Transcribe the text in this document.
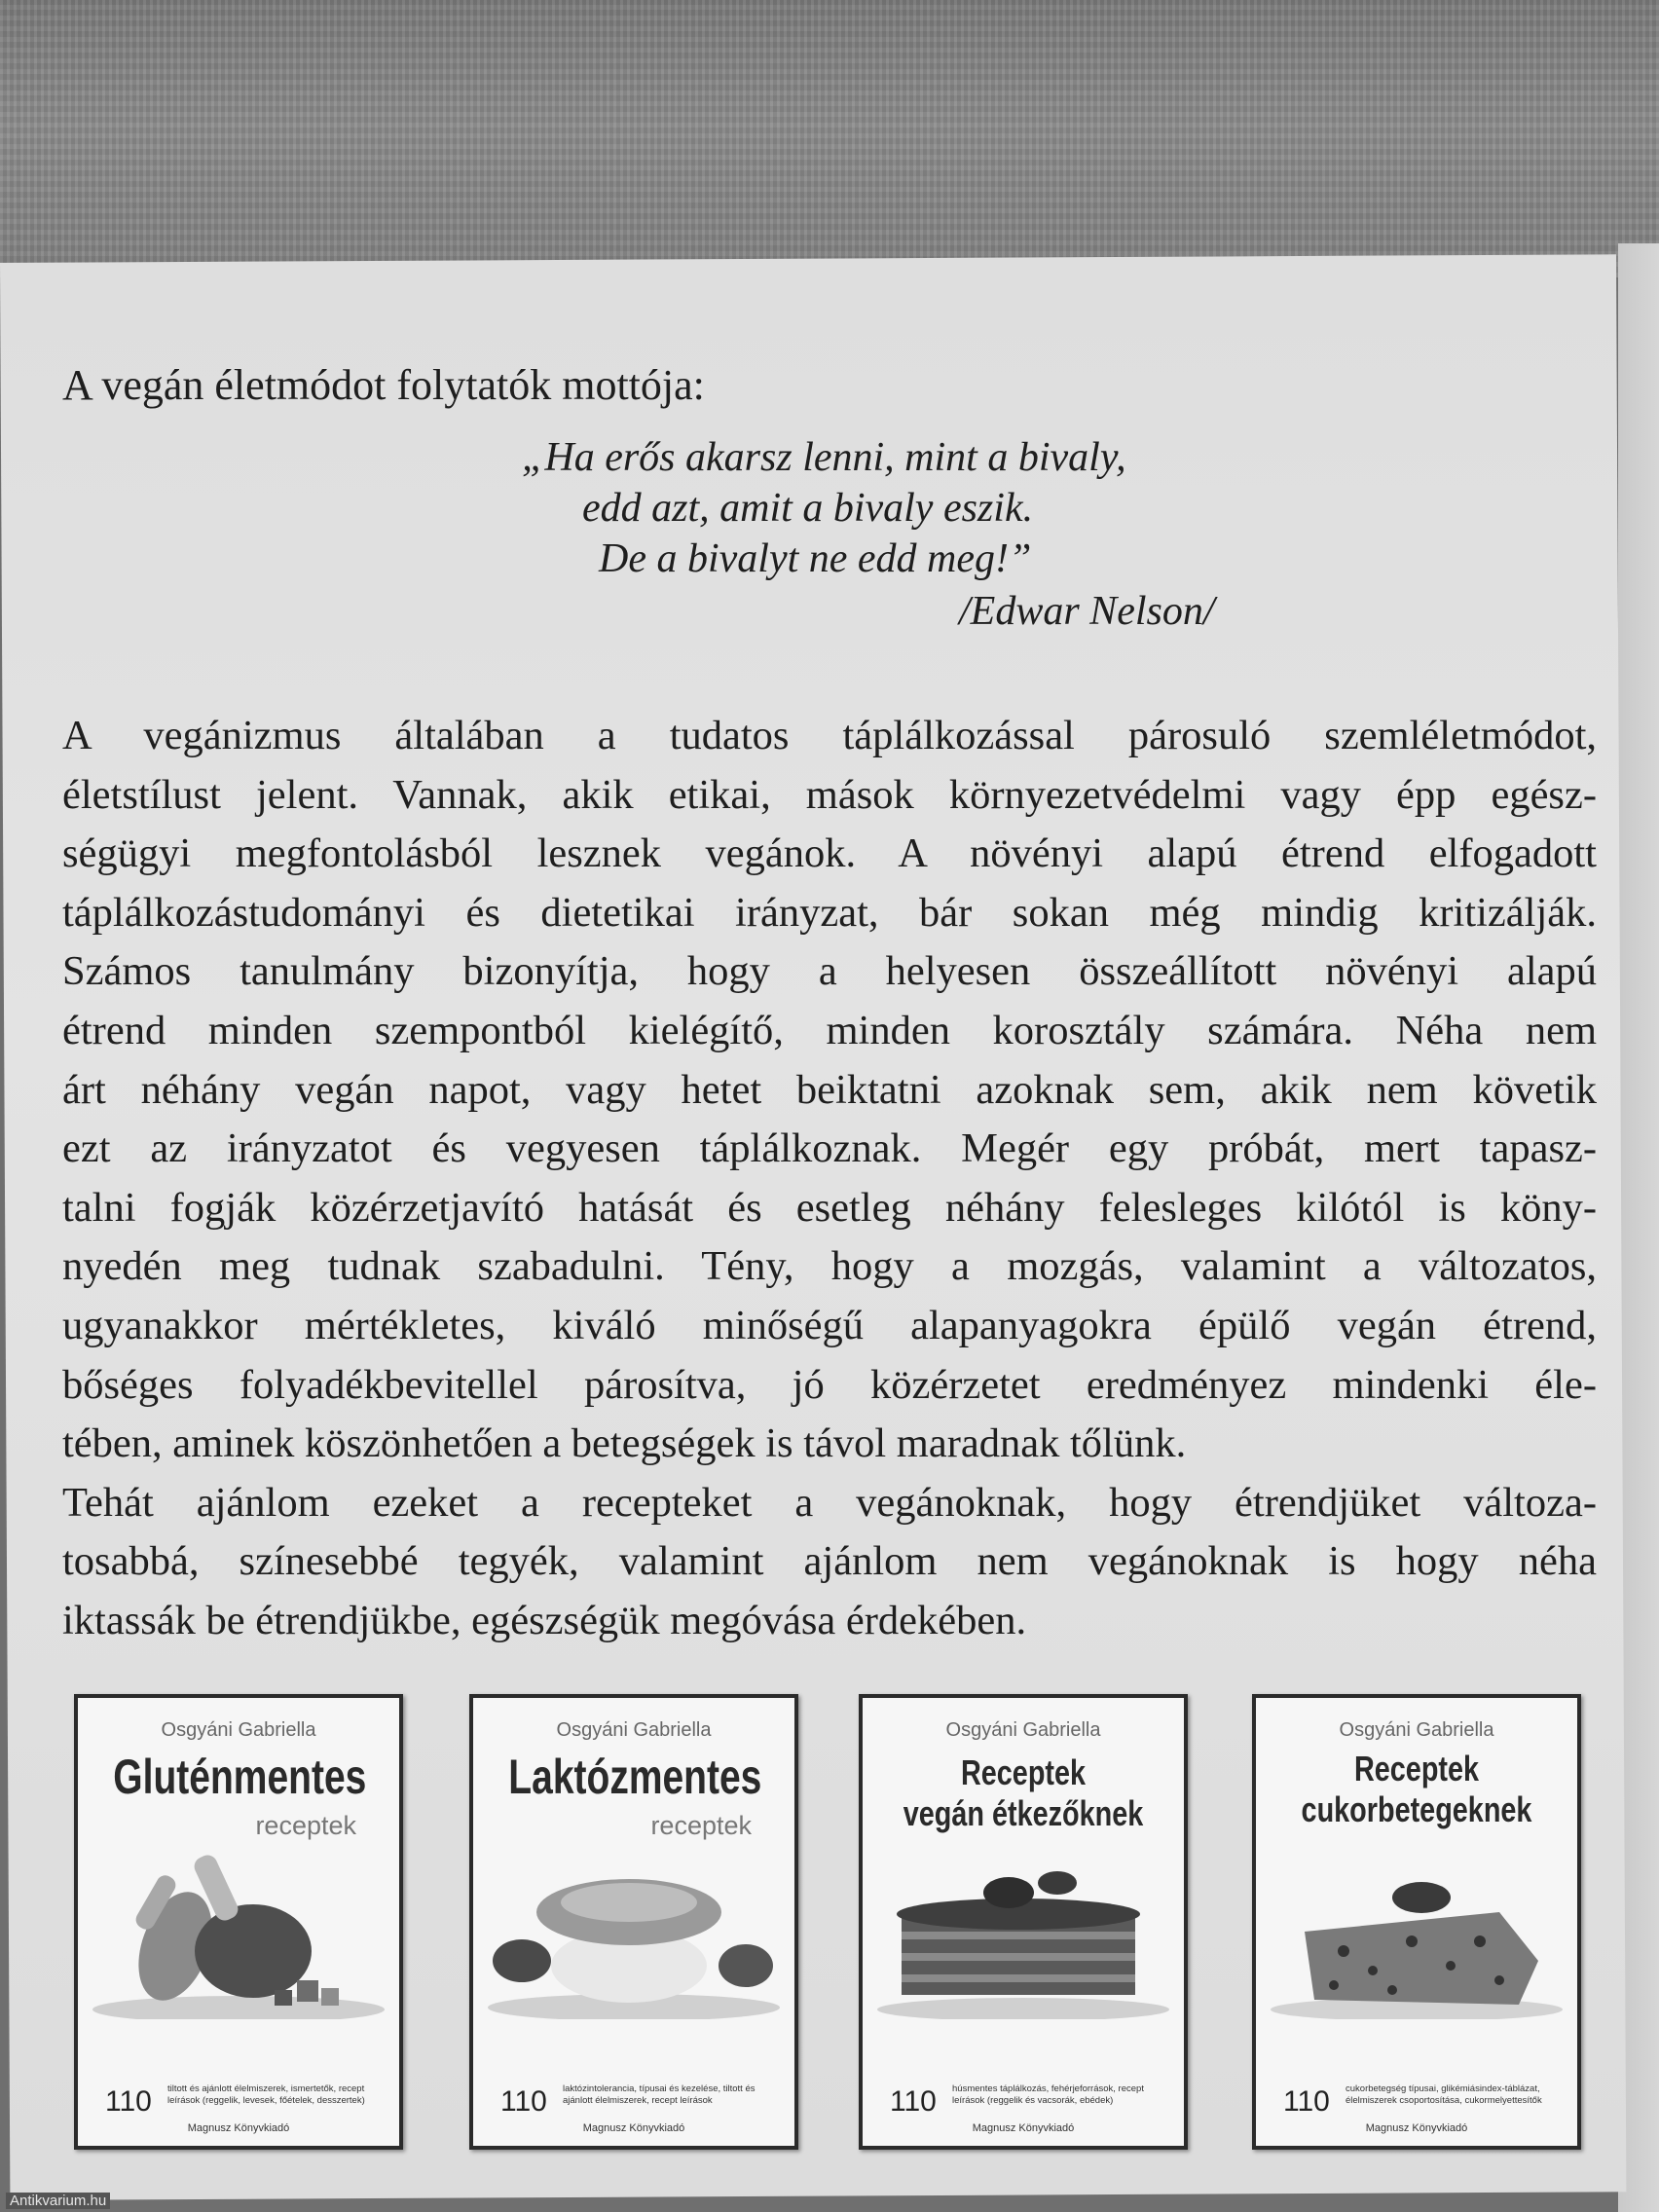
A vegán életmódot folytatók mottója:
„Ha erős akarsz lenni, mint a bivaly,
edd azt, amit a bivaly eszik.
De a bivalyt ne edd meg!”
/Edwar Nelson/
A vegánizmus általában a tudatos táplálkozással párosuló szemléletmódot,
életstílust jelent. Vannak, akik etikai, mások környezetvédelmi vagy épp egész-
ségügyi megfontolásból lesznek vegánok. A növényi alapú étrend elfogadott
táplálkozástudományi és dietetikai irányzat, bár sokan még mindig kritizálják.
Számos tanulmány bizonyítja, hogy a helyesen összeállított növényi alapú
étrend minden szempontból kielégítő, minden korosztály számára. Néha nem
árt néhány vegán napot, vagy hetet beiktatni azoknak sem, akik nem követik
ezt az irányzatot és vegyesen táplálkoznak. Megér egy próbát, mert tapasz-
talni fogják közérzetjavító hatását és esetleg néhány felesleges kilótól is köny-
nyedén meg tudnak szabadulni. Tény, hogy a mozgás, valamint a változatos,
ugyanakkor mértékletes, kiváló minőségű alapanyagokra épülő vegán étrend,
bőséges folyadékbevitellel párosítva, jó közérzetet eredményez mindenki éle-
tében, aminek köszönhetően a betegségek is távol maradnak tőlünk.
Tehát ajánlom ezeket a recepteket a vegánoknak, hogy étrendjüket változa-
tosabbá, színesebbé tegyék, valamint ajánlom nem vegánoknak is hogy néha
iktassák be étrendjükbe, egészségük megóvása érdekében.
Osgyáni Gabriella
Gluténmentes
receptek
110 tiltott és ajánlott élelmiszerek, ismertetők, recept leírások (reggelik, levesek, főételek, desszertek)
Magnusz Könyvkiadó
Osgyáni Gabriella
Laktózmentes
receptek
110 laktózintolerancia, típusai és kezelése, tiltott és ajánlott élelmiszerek, recept leírások
Magnusz Könyvkiadó
Osgyáni Gabriella
Receptek
vegán étkezőknek
110 húsmentes táplálkozás, fehérjeforrások, recept leírások (reggelik és vacsorák, ebédek)
Magnusz Könyvkiadó
Osgyáni Gabriella
Receptek
cukorbetegeknek
110 cukorbetegség típusai, glikémiásindex-táblázat, élelmiszerek csoportosítása, cukormelyettesítők
Magnusz Könyvkiadó
Antikvarium.hu
